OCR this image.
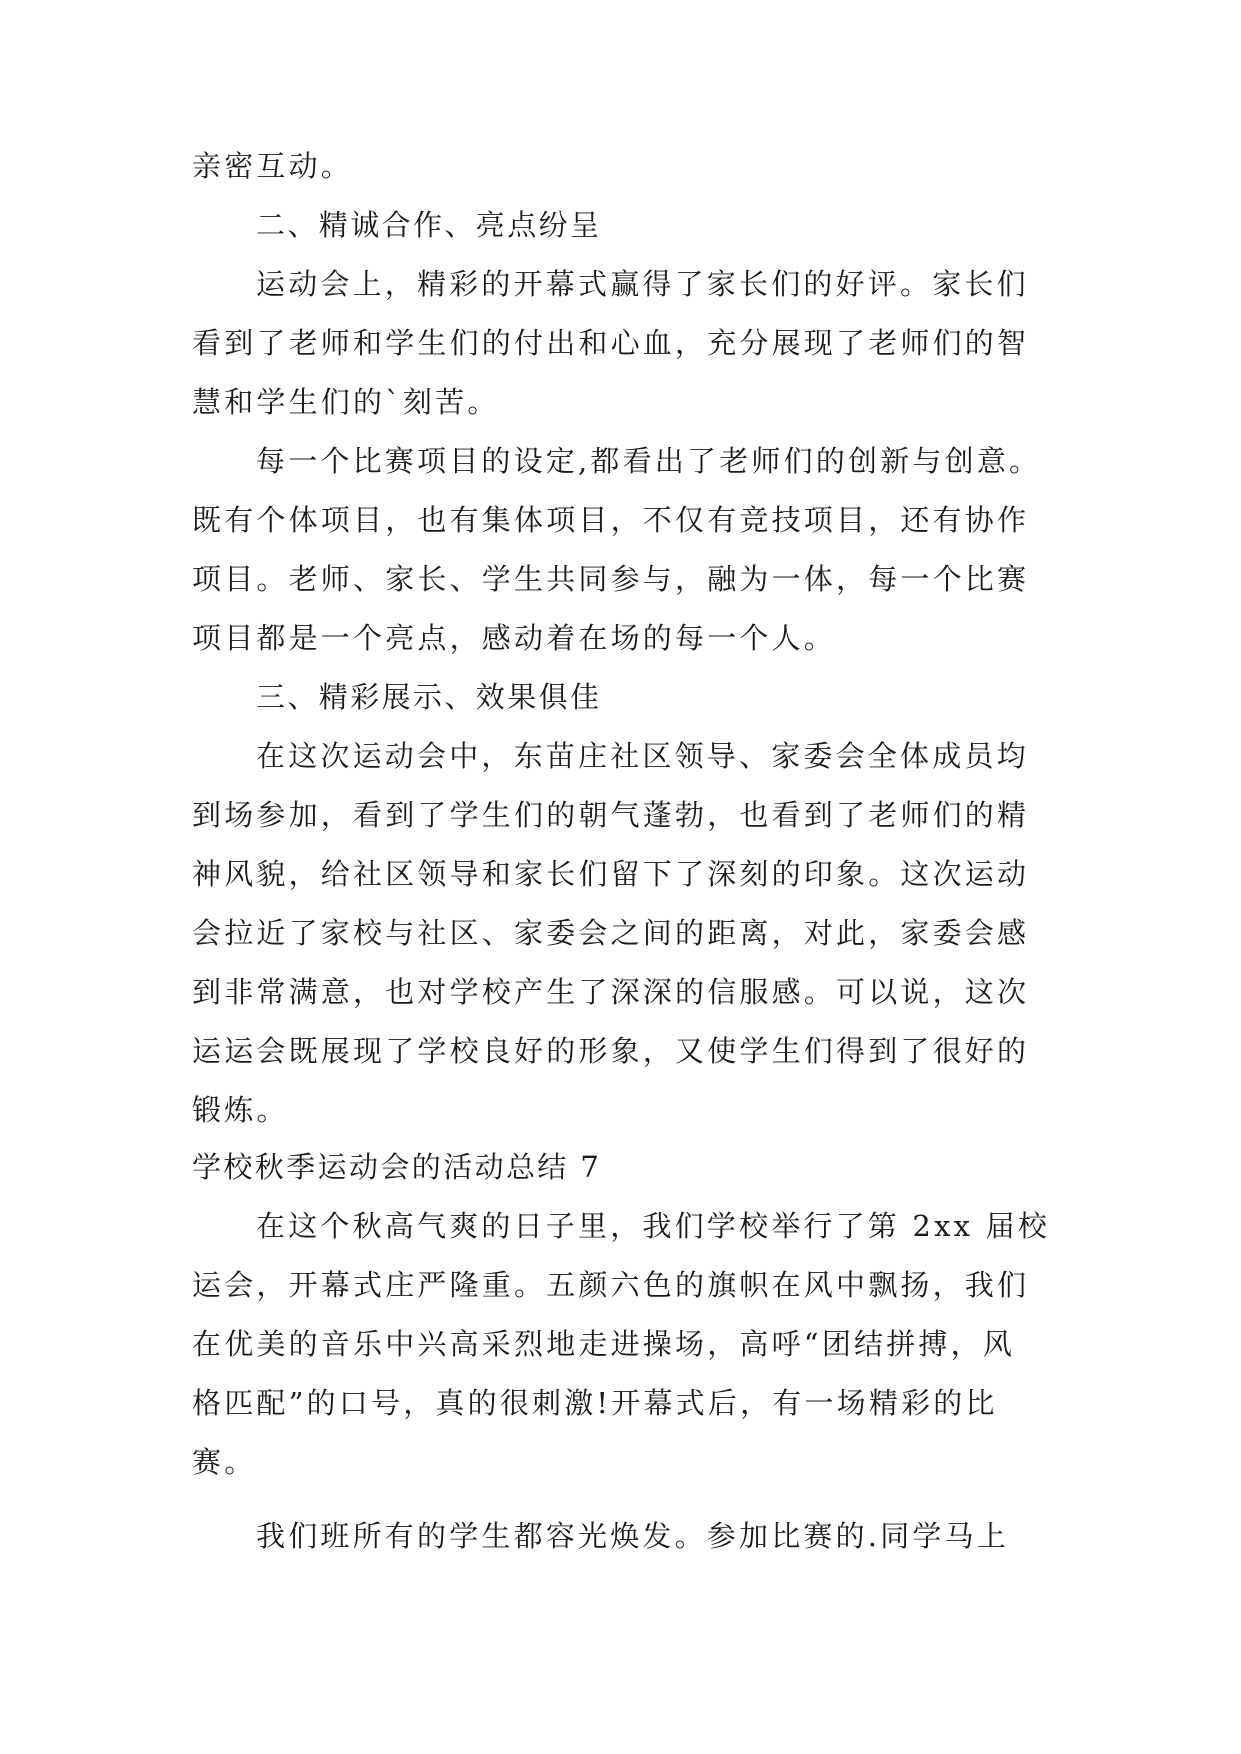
亲密互动。
二、精诚合作、亮点纷呈
运动会上，精彩的开幕式赢得了家长们的好评。家长们
看到了老师和学生们的付出和心血，充分展现了老师们的智
慧和学生们的`刻苦。
每一个比赛项目的设定,都看出了老师们的创新与创意。
既有个体项目，也有集体项目，不仅有竞技项目，还有协作
项目。老师、家长、学生共同参与，融为一体，每一个比赛
项目都是一个亮点，感动着在场的每一个人。
三、精彩展示、效果俱佳
在这次运动会中，东苗庄社区领导、家委会全体成员均
到场参加，看到了学生们的朝气蓬勃，也看到了老师们的精
神风貌，给社区领导和家长们留下了深刻的印象。这次运动
会拉近了家校与社区、家委会之间的距离，对此，家委会感
到非常满意，也对学校产生了深深的信服感。可以说，这次
运运会既展现了学校良好的形象，又使学生们得到了很好的
锻炼。
学校秋季运动会的活动总结 7
在这个秋高气爽的日子里，我们学校举行了第 2xx 届校
运会，开幕式庄严隆重。五颜六色的旗帜在风中飘扬，我们
在优美的音乐中兴高采烈地走进操场，高呼“团结拼搏，风
格匹配”的口号，真的很刺激!开幕式后，有一场精彩的比
赛。
我们班所有的学生都容光焕发。参加比赛的.同学马上
